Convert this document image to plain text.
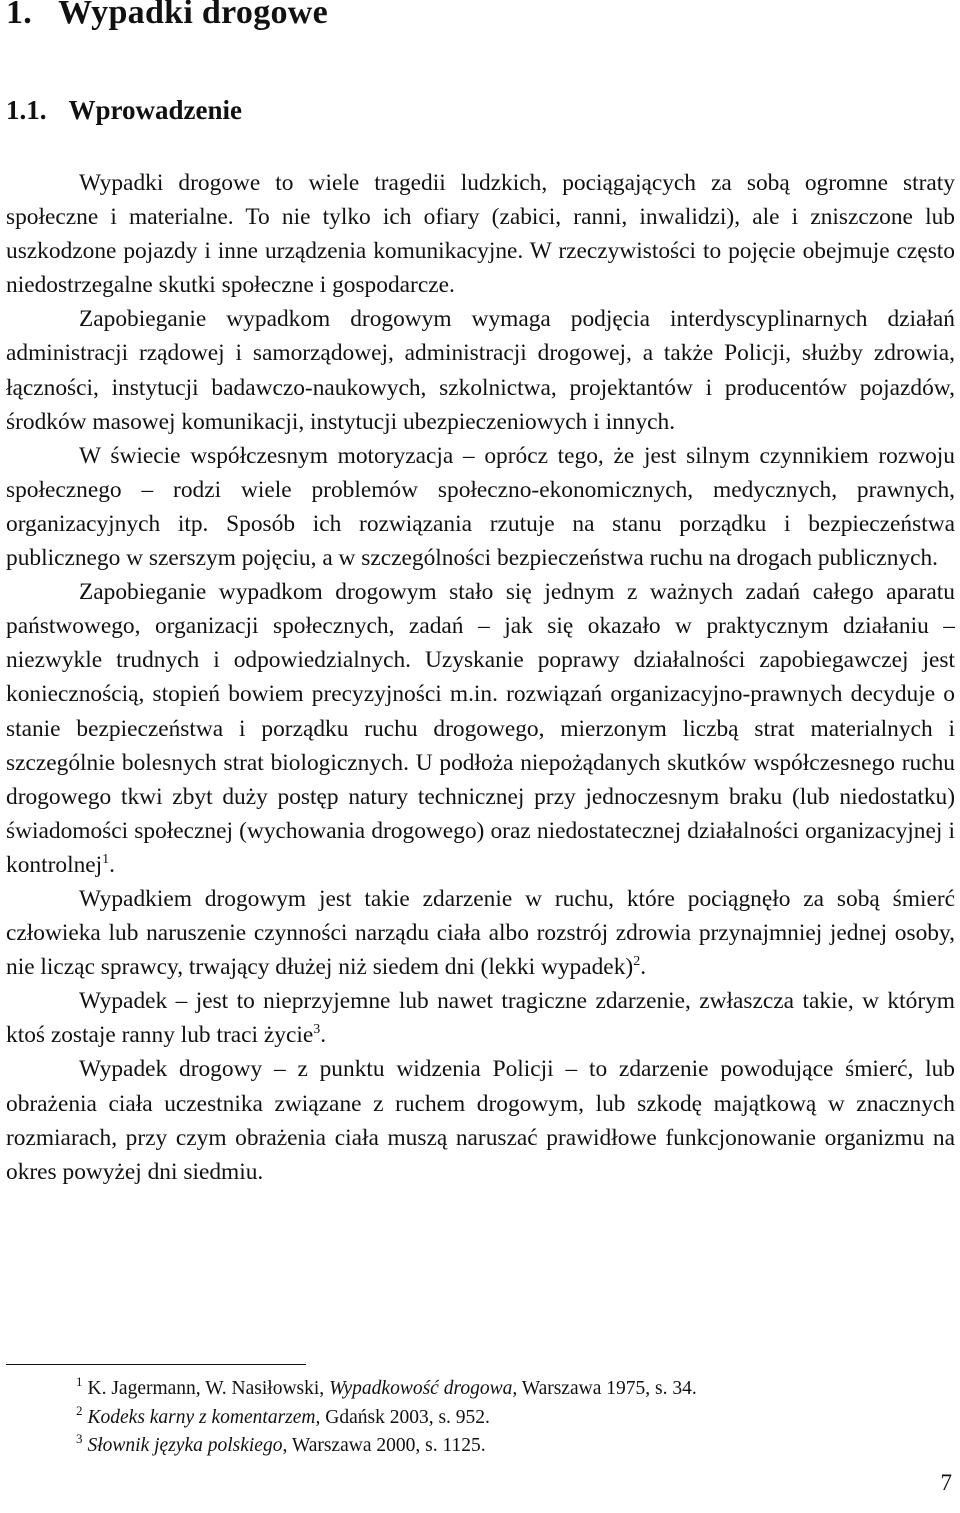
1. Wypadki drogowe
1.1. Wprowadzenie

Wypadki drogowe to wiele tragedii ludzkich, pociągających za sobą ogromne straty społeczne i materialne. To nie tylko ich ofiary (zabici, ranni, inwalidzi), ale i zniszczone lub uszkodzone pojazdy i inne urządzenia komunikacyjne. W rzeczywistości to pojęcie obejmuje często niedostrzegalne skutki społeczne i gospodarcze.

Zapobieganie wypadkom drogowym wymaga podjęcia interdyscyplinarnych działań administracji rządowej i samorządowej, administracji drogowej, a także Policji, służby zdrowia, łączności, instytucji badawczo-naukowych, szkolnictwa, projektantów i producentów pojazdów, środków masowej komunikacji, instytucji ubezpieczeniowych i innych.

W świecie współczesnym motoryzacja – oprócz tego, że jest silnym czynnikiem rozwoju społecznego – rodzi wiele problemów społeczno-ekonomicznych, medycznych, prawnych, organizacyjnych itp. Sposób ich rozwiązania rzutuje na stanu porządku i bezpieczeństwa publicznego w szerszym pojęciu, a w szczególności bezpieczeństwa ruchu na drogach publicznych.

Zapobieganie wypadkom drogowym stało się jednym z ważnych zadań całego aparatu państwowego, organizacji społecznych, zadań – jak się okazało w praktycznym działaniu – niezwykle trudnych i odpowiedzialnych. Uzyskanie poprawy działalności zapobiegawczej jest koniecznością, stopień bowiem precyzyjności m.in. rozwiązań organizacyjno-prawnych decyduje o stanie bezpieczeństwa i porządku ruchu drogowego, mierzonym liczbą strat materialnych i szczególnie bolesnych strat biologicznych. U podłoża niepożądanych skutków współczesnego ruchu drogowego tkwi zbyt duży postęp natury technicznej przy jednoczesnym braku (lub niedostatku) świadomości społecznej (wychowania drogowego) oraz niedostatecznej działalności organizacyjnej i kontrolnej$^1$.

Wypadkiem drogowym jest takie zdarzenie w ruchu, które pociągnęło za sobą śmierć człowieka lub naruszenie czynności narządu ciała albo rozstrój zdrowia przynajmniej jednej osoby, nie licząc sprawcy, trwający dłużej niż siedem dni (lekki wypadek)$^2$.

Wypadek – jest to nieprzyjemne lub nawet tragiczne zdarzenie, zwłaszcza takie, w którym ktoś zostaje ranny lub traci życie$^3$.

Wypadek drogowy – z punktu widzenia Policji – to zdarzenie powodujące śmierć, lub obrażenia ciała uczestnika związane z ruchem drogowym, lub szkodę majątkową w znacznych rozmiarach, przy czym obrażenia ciała muszą naruszać prawidłowe funkcjonowanie organizmu na okres powyżej dni siedmiu.

$^1$ K. Jagermann, W. Nasiłowski, Wypadkowość drogowa, Warszawa 1975, s. 34.
$^2$ Kodeks karny z komentarzem, Gdańsk 2003, s. 952.
$^3$ Słownik języka polskiego, Warszawa 2000, s. 1125.
7
